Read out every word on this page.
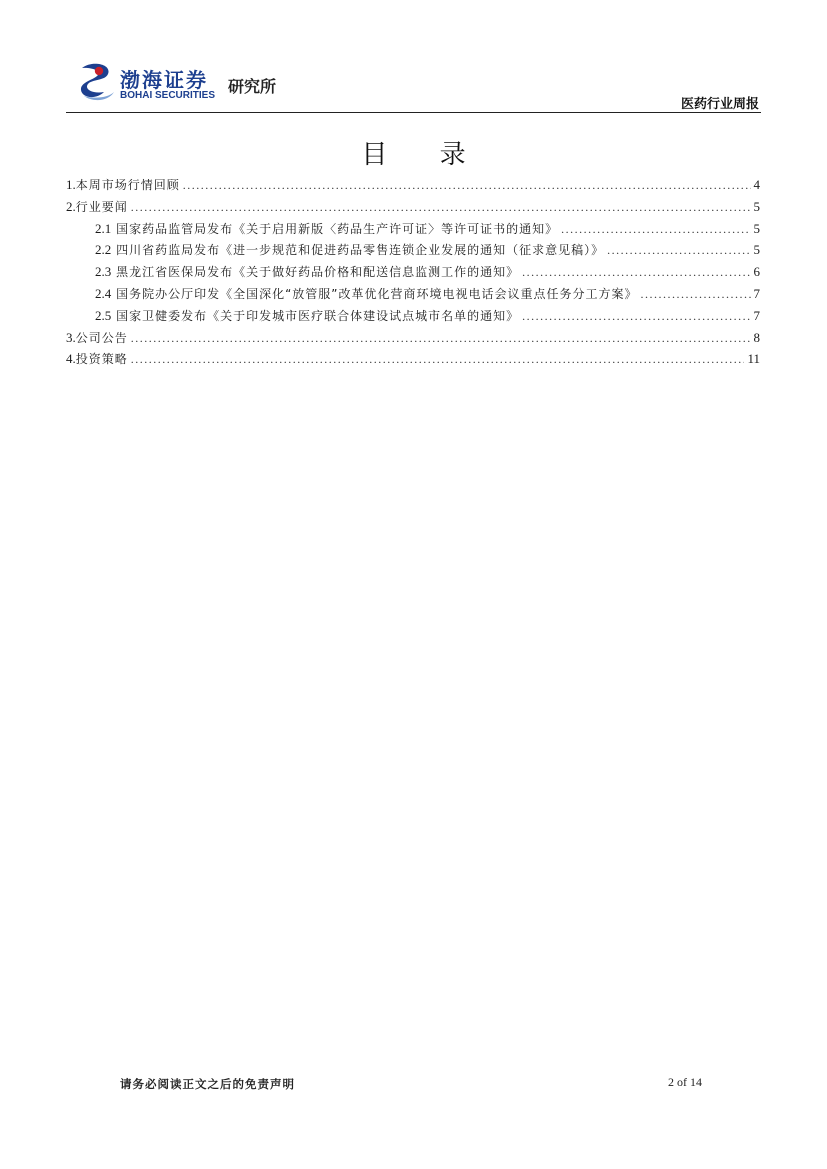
渤海证券
BOHAI SECURITIES 研究所
医药行业周报
目 录
1.本周市场行情回顾 .....	4
2.行业要闻 .....	5
2.1 国家药品监管局发布《关于启用新版〈药品生产许可证〉等许可证书的通知》 .....	5
2.2 四川省药监局发布《进一步规范和促进药品零售连锁企业发展的通知（征求意见稿）》 .....	5
2.3 黑龙江省医保局发布《关于做好药品价格和配送信息监测工作的通知》 .....	6
2.4 国务院办公厅印发《全国深化“放管服”改革优化营商环境电视电话会议重点任务分工方案》 .....	7
2.5 国家卫健委发布《关于印发城市医疗联合体建设试点城市名单的通知》 .....	7
3.公司公告 .....	8
4.投资策略 .....	11
请务必阅读正文之后的免责声明	2 of 14
